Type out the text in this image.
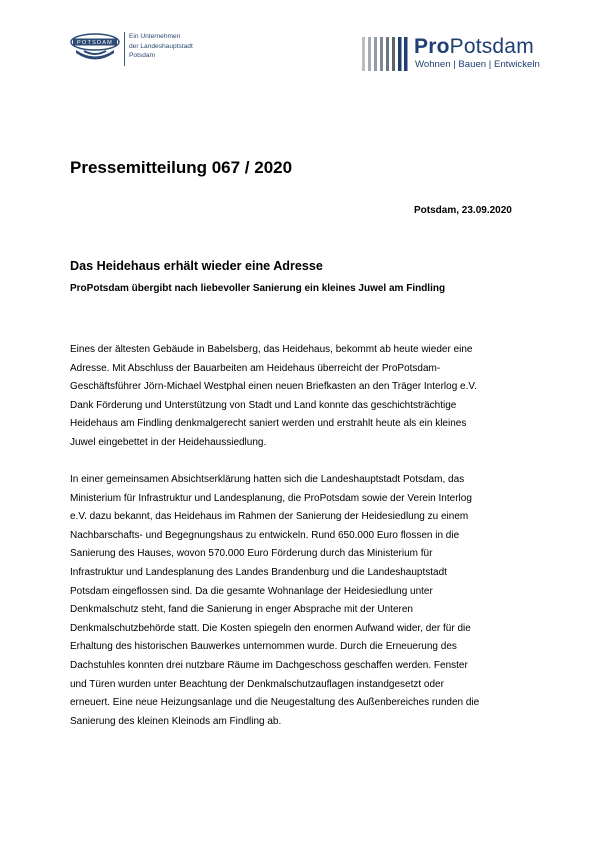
POTSDAM
Ein Unternehmen
der Landeshauptstadt
Potsdam	ProPotsdam
Wohnen | Bauen | Entwickeln
Pressemitteilung 067 / 2020
Potsdam, 23.09.2020
Das Heidehaus erhält wieder eine Adresse
ProPotsdam übergibt nach liebevoller Sanierung ein kleines Juwel am Findling
Eines der ältesten Gebäude in Babelsberg, das Heidehaus, bekommt ab heute wieder eine
Adresse. Mit Abschluss der Bauarbeiten am Heidehaus überreicht der ProPotsdam-
Geschäftsführer Jörn-Michael Westphal einen neuen Briefkasten an den Träger Interlog e.V.
Dank Förderung und Unterstützung von Stadt und Land konnte das geschichtsträchtige
Heidehaus am Findling denkmalgerecht saniert werden und erstrahlt heute als ein kleines
Juwel eingebettet in der Heidehaussiedlung.
In einer gemeinsamen Absichtserklärung hatten sich die Landeshauptstadt Potsdam, das
Ministerium für Infrastruktur und Landesplanung, die ProPotsdam sowie der Verein Interlog
e.V. dazu bekannt, das Heidehaus im Rahmen der Sanierung der Heidesiedlung zu einem
Nachbarschafts- und Begegnungshaus zu entwickeln. Rund 650.000 Euro flossen in die
Sanierung des Hauses, wovon 570.000 Euro Förderung durch das Ministerium für
Infrastruktur und Landesplanung des Landes Brandenburg und die Landeshauptstadt
Potsdam eingeflossen sind. Da die gesamte Wohnanlage der Heidesiedlung unter
Denkmalschutz steht, fand die Sanierung in enger Absprache mit der Unteren
Denkmalschutzbehörde statt. Die Kosten spiegeln den enormen Aufwand wider, der für die
Erhaltung des historischen Bauwerkes unternommen wurde. Durch die Erneuerung des
Dachstuhles konnten drei nutzbare Räume im Dachgeschoss geschaffen werden. Fenster
und Türen wurden unter Beachtung der Denkmalschutzauflagen instandgesetzt oder
erneuert. Eine neue Heizungsanlage und die Neugestaltung des Außenbereiches runden die
Sanierung des kleinen Kleinods am Findling ab.
